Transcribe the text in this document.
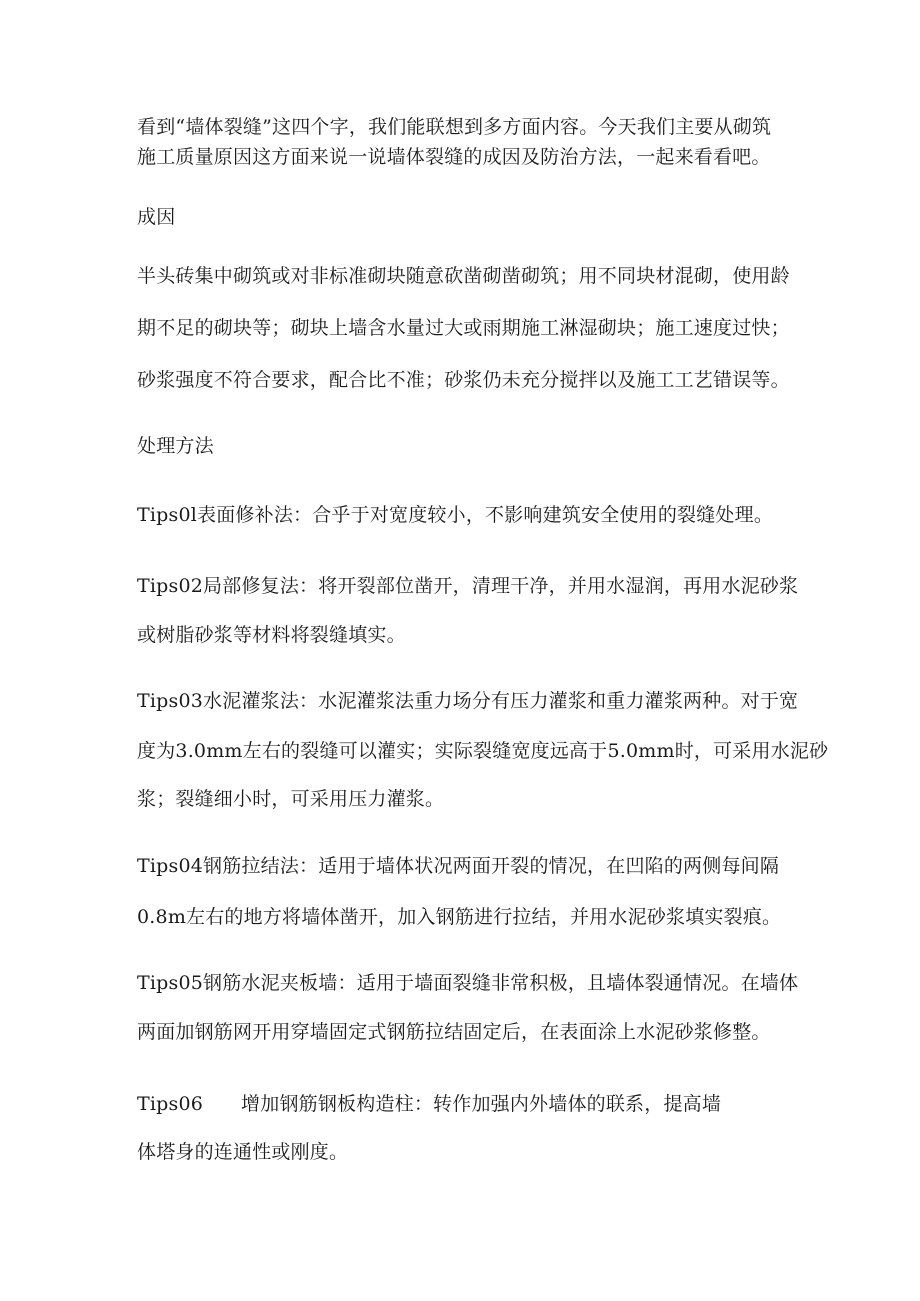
看到“墙体裂缝”这四个字，我们能联想到多方面内容。今天我们主要从砌筑
施工质量原因这方面来说一说墙体裂缝的成因及防治方法，一起来看看吧。
成因
半头砖集中砌筑或对非标准砌块随意砍凿砌凿砌筑；用不同块材混砌，使用龄
期不足的砌块等；砌块上墙含水量过大或雨期施工淋湿砌块；施工速度过快；
砂浆强度不符合要求，配合比不准；砂浆仍未充分搅拌以及施工工艺错误等。
处理方法
Tips0l表面修补法：合乎于对宽度较小，不影响建筑安全使用的裂缝处理。
Tips02局部修复法：将开裂部位凿开，清理干净，并用水湿润，再用水泥砂浆
或树脂砂浆等材料将裂缝填实。
Tips03水泥灌浆法：水泥灌浆法重力场分有压力灌浆和重力灌浆两种。对于宽
度为3.0mm左右的裂缝可以灌实；实际裂缝宽度远高于5.0mm时，可采用水泥砂
浆；裂缝细小时，可采用压力灌浆。
Tips04钢筋拉结法：适用于墙体状况两面开裂的情况，在凹陷的两侧每间隔
0.8m左右的地方将墙体凿开，加入钢筋进行拉结，并用水泥砂浆填实裂痕。
Tips05钢筋水泥夹板墙：适用于墙面裂缝非常积极，且墙体裂通情况。在墙体
两面加钢筋网开用穿墙固定式钢筋拉结固定后，在表面涂上水泥砂浆修整。
Tips06 增加钢筋钢板构造柱：转作加强内外墙体的联系，提高墙
体塔身的连通性或刚度。
